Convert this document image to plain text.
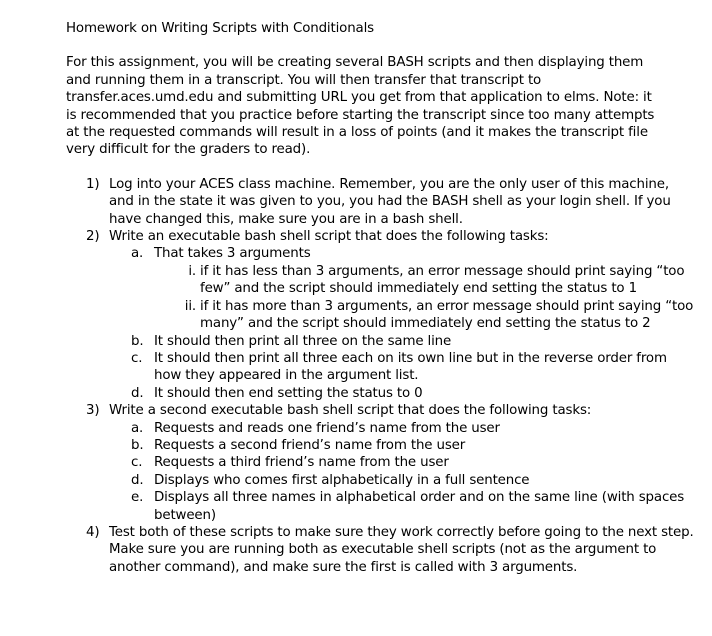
Homework on Writing Scripts with Conditionals
For this assignment, you will be creating several BASH scripts and then displaying them and running them in a transcript. You will then transfer that transcript to transfer.aces.umd.edu and submitting URL you get from that application to elms. Note: it is recommended that you practice before starting the transcript since too many attempts at the requested commands will result in a loss of points (and it makes the transcript file very difficult for the graders to read).
1) Log into your ACES class machine. Remember, you are the only user of this machine, and in the state it was given to you, you had the BASH shell as your login shell. If you have changed this, make sure you are in a bash shell.
2) Write an executable bash shell script that does the following tasks:
a. That takes 3 arguments
i. if it has less than 3 arguments, an error message should print saying “too few” and the script should immediately end setting the status to 1
ii. if it has more than 3 arguments, an error message should print saying “too many” and the script should immediately end setting the status to 2
b. It should then print all three on the same line
c. It should then print all three each on its own line but in the reverse order from how they appeared in the argument list.
d. It should then end setting the status to 0
3) Write a second executable bash shell script that does the following tasks:
a. Requests and reads one friend’s name from the user
b. Requests a second friend’s name from the user
c. Requests a third friend’s name from the user
d. Displays who comes first alphabetically in a full sentence
e. Displays all three names in alphabetical order and on the same line (with spaces between)
4) Test both of these scripts to make sure they work correctly before going to the next step. Make sure you are running both as executable shell scripts (not as the argument to another command), and make sure the first is called with 3 arguments.
